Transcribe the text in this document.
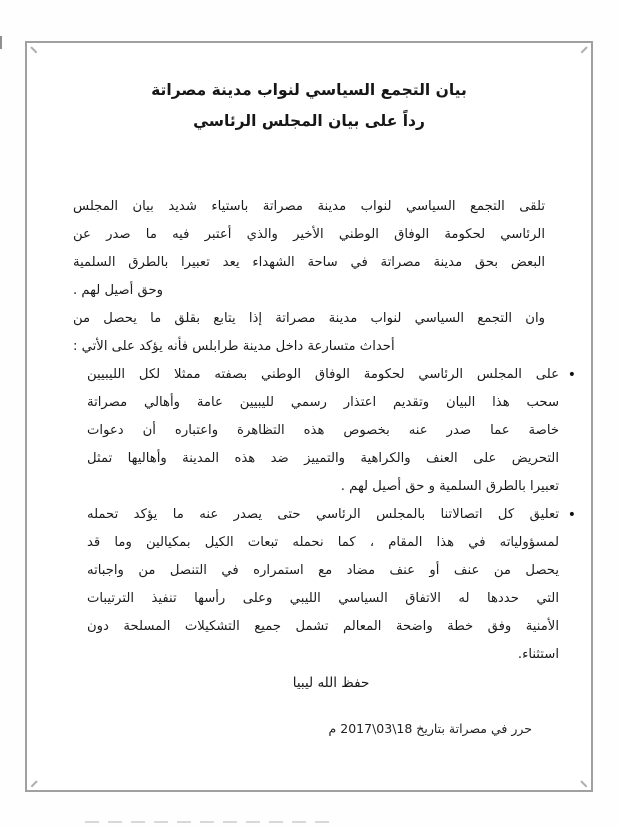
بيان التجمع السياسي لنواب مدينة مصراتة
رداً على بيان المجلس الرئاسي
تلقى التجمع السياسي لنواب مدينة مصراتة باستياء شديد بيان المجلس
الرئاسي لحكومة الوفاق الوطني الأخير والذي أعتبر فيه ما صدر عن
البعض بحق مدينة مصراتة في ساحة الشهداء يعد تعبيرا بالطرق السلمية
وحق أصيل لهم .
وان التجمع السياسي لنواب مدينة مصراتة إذا يتابع بقلق ما يحصل من
أحداث متسارعة داخل مدينة طرابلس فأنه يؤكد على الأتي :
•
على المجلس الرئاسي لحكومة الوفاق الوطني بصفته ممثلا لكل الليبيين
سحب هذا البيان وتقديم اعتذار رسمي لليبيين عامة وأهالي مصراتة
خاصة عما صدر عنه بخصوص هذه التظاهرة واعتباره أن دعوات
التحريض على العنف والكراهية والتمييز ضد هذه المدينة وأهاليها تمثل
تعبيرا بالطرق السلمية و حق أصيل لهم .
•
تعليق كل اتصالاتنا بالمجلس الرئاسي حتى يصدر عنه ما يؤكد تحمله
لمسؤولياته في هذا المقام ، كما نحمله تبعات الكيل بمكيالين وما قد
يحصل من عنف أو عنف مضاد مع استمراره في التنصل من واجباته
التي حددها له الاتفاق السياسي الليبي وعلى رأسها تنفيذ الترتيبات
الأمنية وفق خطة واضحة المعالم تشمل جميع التشكيلات المسلحة دون
استثناء.
حفظ الله ليبيا
حرر في مصراتة بتاريخ 18\03\2017 م
